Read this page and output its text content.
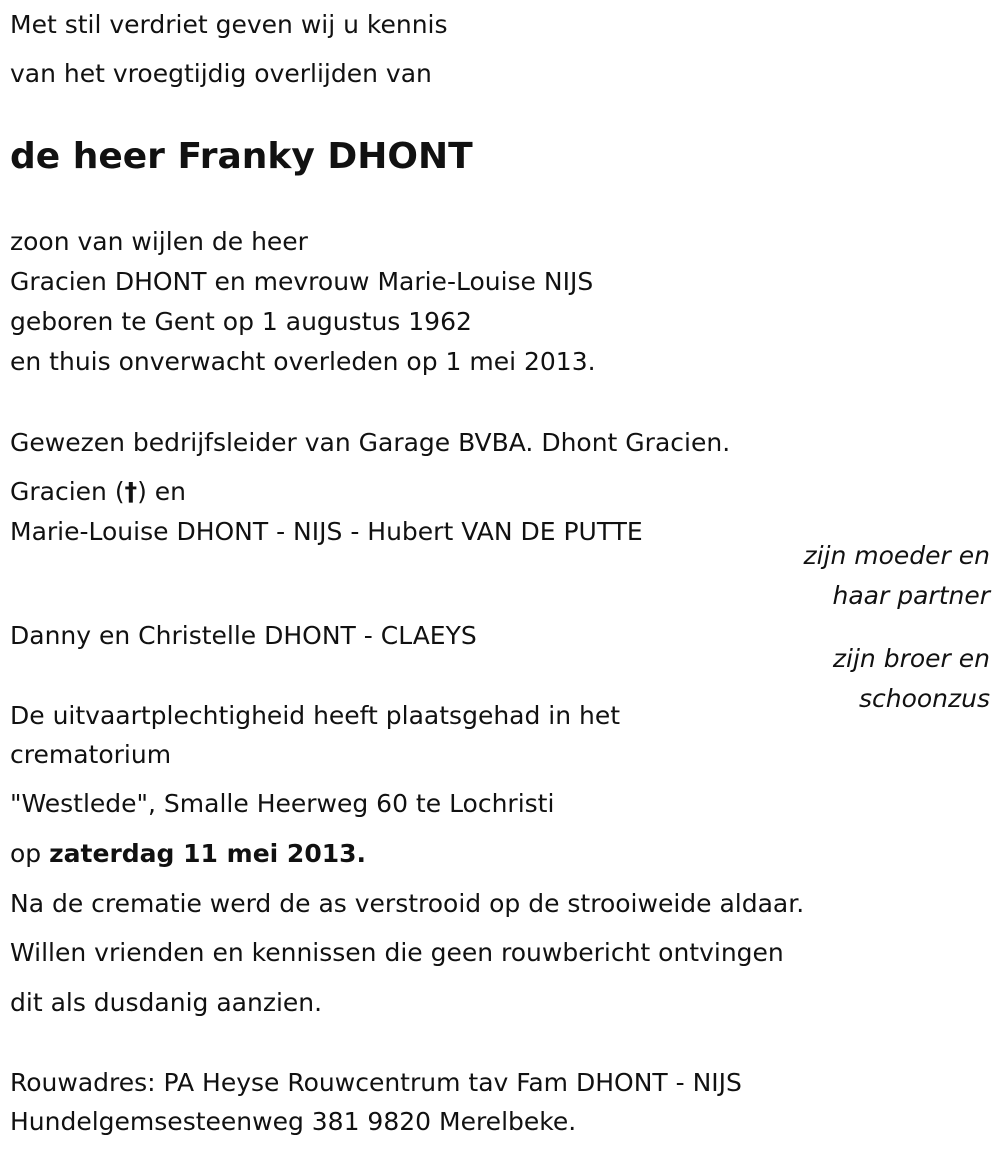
Met stil verdriet geven wij u kennis
van het vroegtijdig overlijden van
de heer Franky DHONT
zoon van wijlen de heer
Gracien DHONT en mevrouw Marie-Louise NIJS
geboren te Gent op 1 augustus 1962
en thuis onverwacht overleden op 1 mei 2013.
Gewezen bedrijfsleider van Garage BVBA. Dhont Gracien.
Gracien (†) en
Marie-Louise DHONT - NIJS - Hubert VAN DE PUTTE
zijn moeder en
haar partner
Danny en Christelle DHONT - CLAEYS
zijn broer en
schoonzus
De uitvaartplechtigheid heeft plaatsgehad in het
crematorium
"Westlede", Smalle Heerweg 60 te Lochristi
op zaterdag 11 mei 2013.
Na de crematie werd de as verstrooid op de strooiweide aldaar.
Willen vrienden en kennissen die geen rouwbericht ontvingen
dit als dusdanig aanzien.
Rouwadres: PA Heyse Rouwcentrum tav Fam DHONT - NIJS
Hundelgemsesteenweg 381 9820 Merelbeke.
